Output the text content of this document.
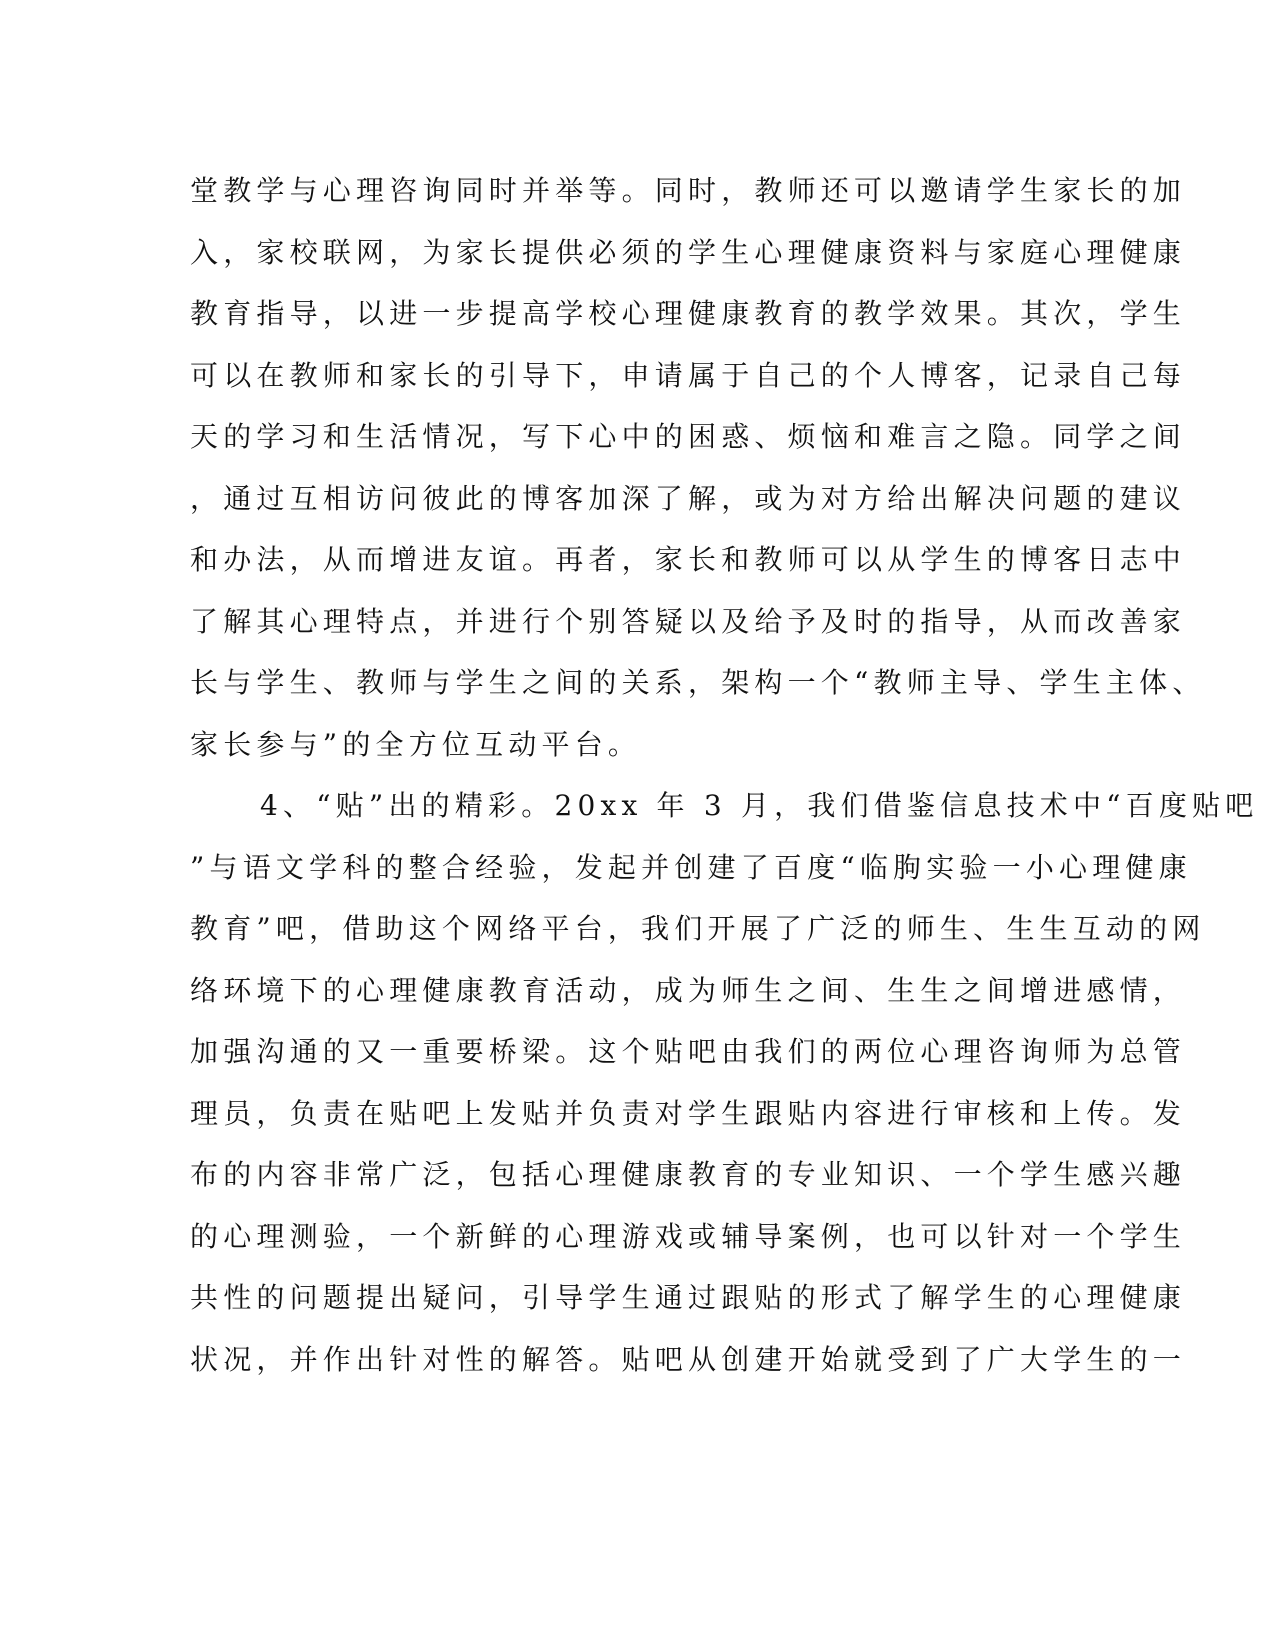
堂教学与心理咨询同时并举等。同时，教师还可以邀请学生家长的加
入，家校联网，为家长提供必须的学生心理健康资料与家庭心理健康
教育指导，以进一步提高学校心理健康教育的教学效果。其次，学生
可以在教师和家长的引导下，申请属于自己的个人博客，记录自己每
天的学习和生活情况，写下心中的困惑、烦恼和难言之隐。同学之间
，通过互相访问彼此的博客加深了解，或为对方给出解决问题的建议
和办法，从而增进友谊。再者，家长和教师可以从学生的博客日志中
了解其心理特点，并进行个别答疑以及给予及时的指导，从而改善家
长与学生、教师与学生之间的关系，架构一个“教师主导、学生主体、
家长参与”的全方位互动平台。
4、“贴”出的精彩。20xx 年 3 月，我们借鉴信息技术中“百度贴吧
”与语文学科的整合经验，发起并创建了百度“临朐实验一小心理健康
教育”吧，借助这个网络平台，我们开展了广泛的师生、生生互动的网
络环境下的心理健康教育活动，成为师生之间、生生之间增进感情，
加强沟通的又一重要桥梁。这个贴吧由我们的两位心理咨询师为总管
理员，负责在贴吧上发贴并负责对学生跟贴内容进行审核和上传。发
布的内容非常广泛，包括心理健康教育的专业知识、一个学生感兴趣
的心理测验，一个新鲜的心理游戏或辅导案例，也可以针对一个学生
共性的问题提出疑问，引导学生通过跟贴的形式了解学生的心理健康
状况，并作出针对性的解答。贴吧从创建开始就受到了广大学生的一
